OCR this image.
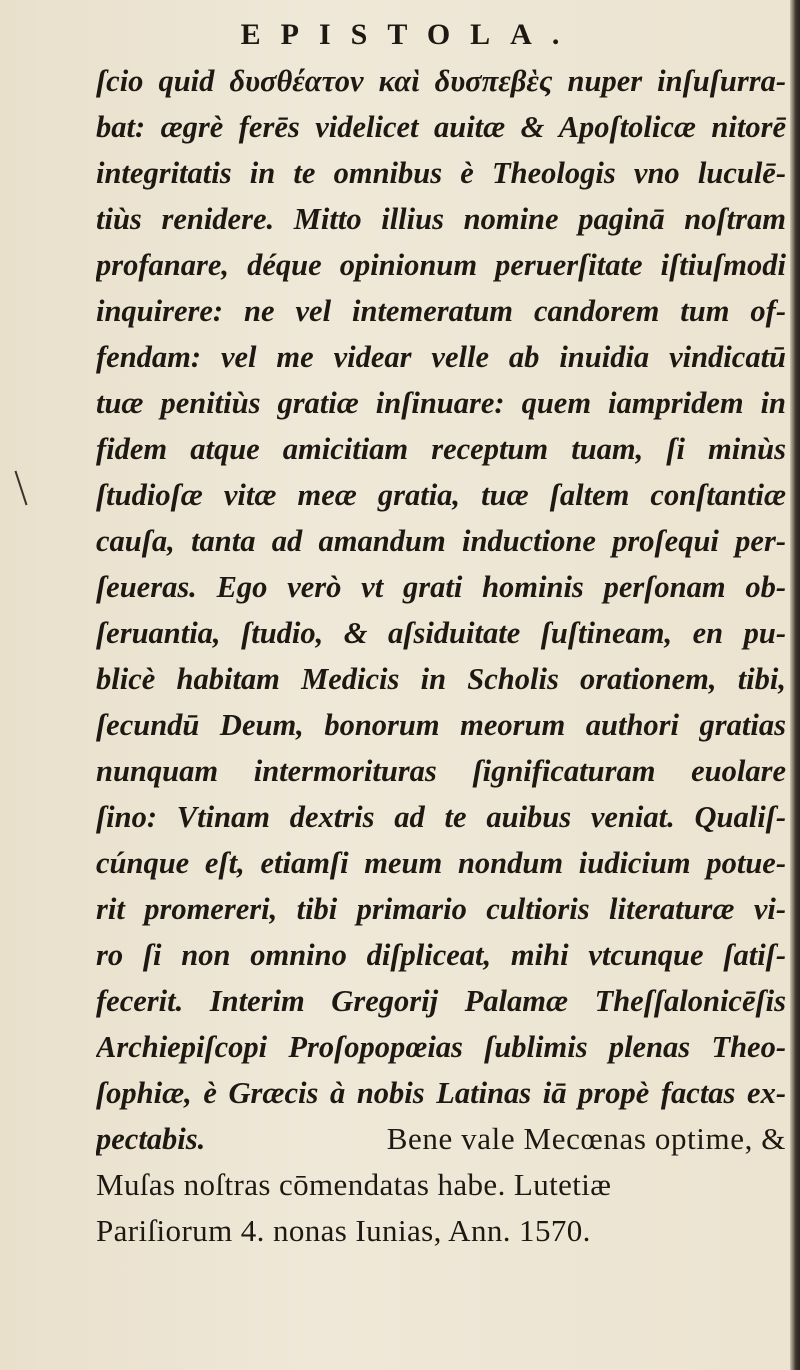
EPISTOLA.
ſcio quid δυσθέατον καὶ δυσπεβὲς nuper inſuſurra-
bat: ægrè ferēs videlicet auitæ & Apoſtolicæ nitorē
integritatis in te omnibus è Theologis vno luculē-
tiùs renidere. Mitto illius nomine paginā noſtram
profanare, déque opinionum peruerſitate iſtiuſmodi
inquirere: ne vel intemeratum candorem tum of-
fendam: vel me videar velle ab inuidia vindicatū
tuæ penitiùs gratiæ inſinuare: quem iampridem in
fidem atque amicitiam receptum tuam, ſi minùs
ſtudioſæ vitæ meæ gratia, tuæ ſaltem conſtantiæ
cauſa, tanta ad amandum inductione proſequi per-
ſeueras. Ego verò vt grati hominis perſonam ob-
ſeruantia, ſtudio, & aſsiduitate ſuſtineam, en pu-
blicè habitam Medicis in Scholis orationem, tibi,
ſecundū Deum, bonorum meorum authori gratias
nunquam intermorituras ſignificaturam euolare
ſino: Vtinam dextris ad te auibus veniat. Qualiſ-
cúnque eſt, etiamſi meum nondum iudicium potue-
rit promereri, tibi primario cultioris literaturæ vi-
ro ſi non omnino diſpliceat, mihi vtcunque ſatiſ-
fecerit. Interim Gregorij Palamæ Theſſalonicēſis
Archiepiſcopi Proſopopœias ſublimis plenas Theo-
ſophiæ, è Græcis à nobis Latinas iā propè factas ex-
pectabis.	Bene vale Mecœnas optime, &
Muſas noſtras cōmendatas habe. Lutetiæ
Pariſiorum 4. nonas Iunias, Ann. 1570.
